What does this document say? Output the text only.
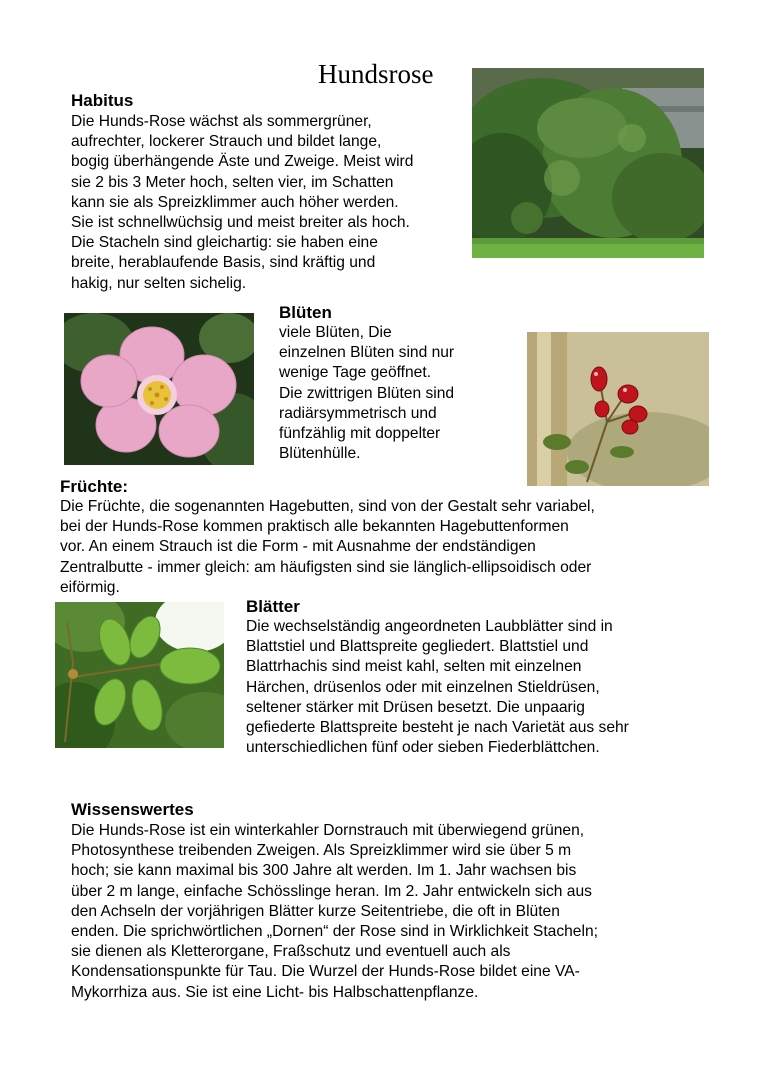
Hundsrose
Habitus
Die Hunds-Rose wächst als sommergrüner,
aufrechter, lockerer Strauch und bildet lange,
bogig überhängende Äste und Zweige. Meist wird
sie 2 bis 3 Meter hoch, selten vier, im Schatten
kann sie als Spreizklimmer auch höher werden.
Sie ist schnellwüchsig und meist breiter als hoch.
Die Stacheln sind gleichartig: sie haben eine
breite, herablaufende Basis, sind kräftig und
hakig, nur selten sichelig.
Blüten
viele Blüten, Die
einzelnen Blüten sind nur
wenige Tage geöffnet.
Die zwittrigen Blüten sind
radiärsymmetrisch und
fünfzählig mit doppelter
Blütenhülle.
Früchte:
Die Früchte, die sogenannten Hagebutten, sind von der Gestalt sehr variabel,
bei der Hunds-Rose kommen praktisch alle bekannten Hagebuttenformen
vor. An einem Strauch ist die Form - mit Ausnahme der endständigen
Zentralbutte - immer gleich: am häufigsten sind sie länglich-ellipsoidisch oder
eiförmig.
Blätter
Die wechselständig angeordneten Laubblätter sind in
Blattstiel und Blattspreite gegliedert. Blattstiel und
Blattrhachis sind meist kahl, selten mit einzelnen
Härchen, drüsenlos oder mit einzelnen Stieldrüsen,
seltener stärker mit Drüsen besetzt. Die unpaarig
gefiederte Blattspreite besteht je nach Varietät aus sehr
unterschiedlichen fünf oder sieben Fiederblättchen.
Wissenswertes
Die Hunds-Rose ist ein winterkahler Dornstrauch mit überwiegend grünen,
Photosynthese treibenden Zweigen. Als Spreizklimmer wird sie über 5 m
hoch; sie kann maximal bis 300 Jahre alt werden. Im 1. Jahr wachsen bis
über 2 m lange, einfache Schösslinge heran. Im 2. Jahr entwickeln sich aus
den Achseln der vorjährigen Blätter kurze Seitentriebe, die oft in Blüten
enden. Die sprichwörtlichen „Dornen“ der Rose sind in Wirklichkeit Stacheln;
sie dienen als Kletterorgane, Fraßschutz und eventuell auch als
Kondensationspunkte für Tau. Die Wurzel der Hunds-Rose bildet eine VA-
Mykorrhiza aus. Sie ist eine Licht- bis Halbschattenpflanze.
